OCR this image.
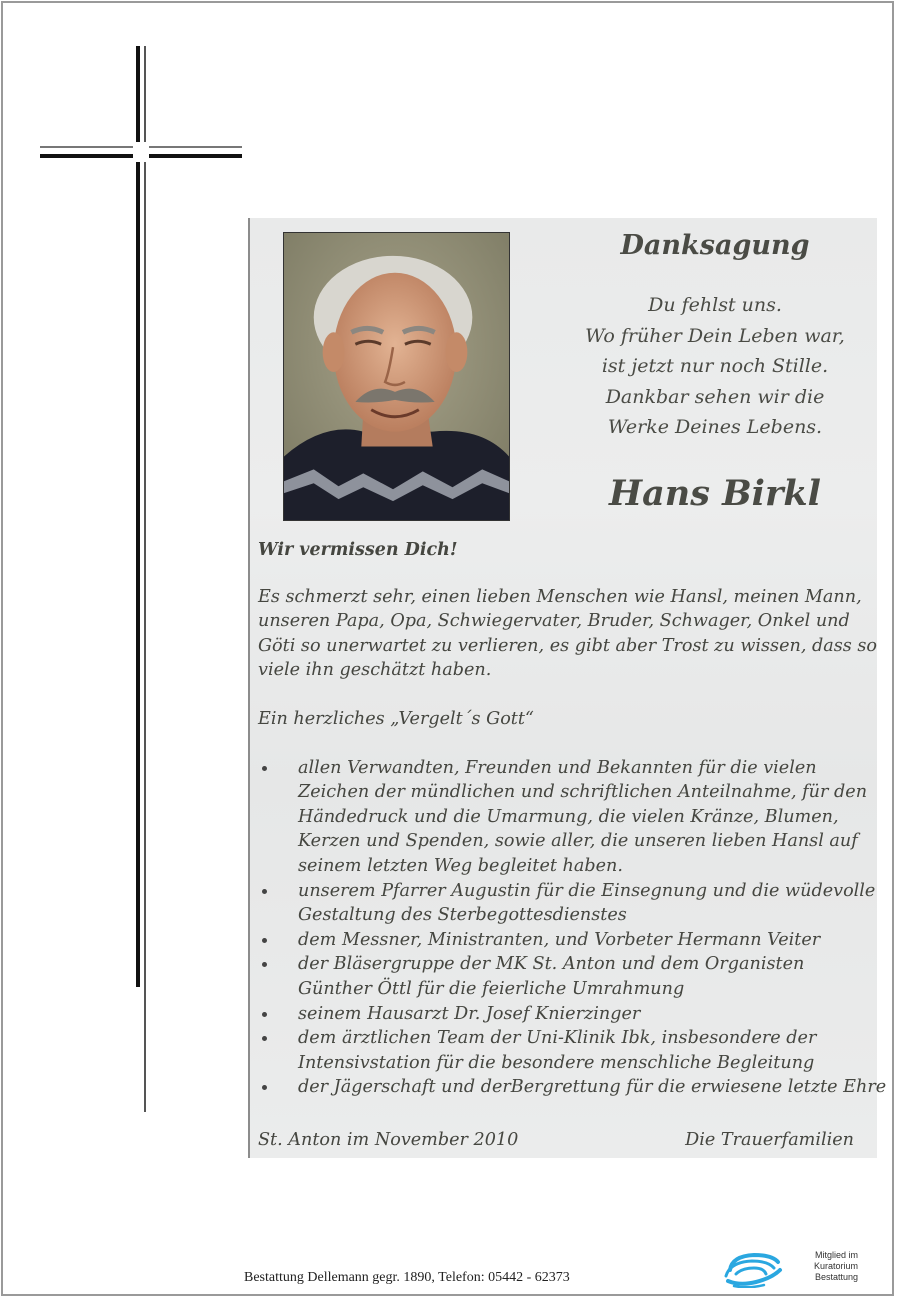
Danksagung
Du fehlst uns.
Wo früher Dein Leben war,
ist jetzt nur noch Stille.
Dankbar sehen wir die
Werke Deines Lebens.
Hans Birkl
Wir vermissen Dich!
Es schmerzt sehr, einen lieben Menschen wie Hansl, meinen Mann,
unseren Papa, Opa, Schwiegervater, Bruder, Schwager, Onkel und
Göti so unerwartet zu verlieren, es gibt aber Trost zu wissen, dass so
viele ihn geschätzt haben.
Ein herzliches „Vergelt´s Gott“
allen Verwandten, Freunden und Bekannten für die vielen
Zeichen der mündlichen und schriftlichen Anteilnahme, für den
Händedruck und die Umarmung, die vielen Kränze, Blumen,
Kerzen und Spenden, sowie aller, die unseren lieben Hansl auf
seinem letzten Weg begleitet haben.
unserem Pfarrer Augustin für die Einsegnung und die wüdevolle
Gestaltung des Sterbegottesdienstes
dem Messner, Ministranten, und Vorbeter Hermann Veiter
der Bläsergruppe der MK St. Anton und dem Organisten
Günther Öttl für die feierliche Umrahmung
seinem Hausarzt Dr. Josef Knierzinger
dem ärztlichen Team der Uni-Klinik Ibk, insbesondere der
Intensivstation für die besondere menschliche Begleitung
der Jägerschaft und derBergrettung für die erwiesene letzte Ehre
St. Anton im November 2010	Die Trauerfamilien
Bestattung Dellemann gegr. 1890, Telefon: 05442 - 62373
Mitglied im
Kuratorium Bestattung
